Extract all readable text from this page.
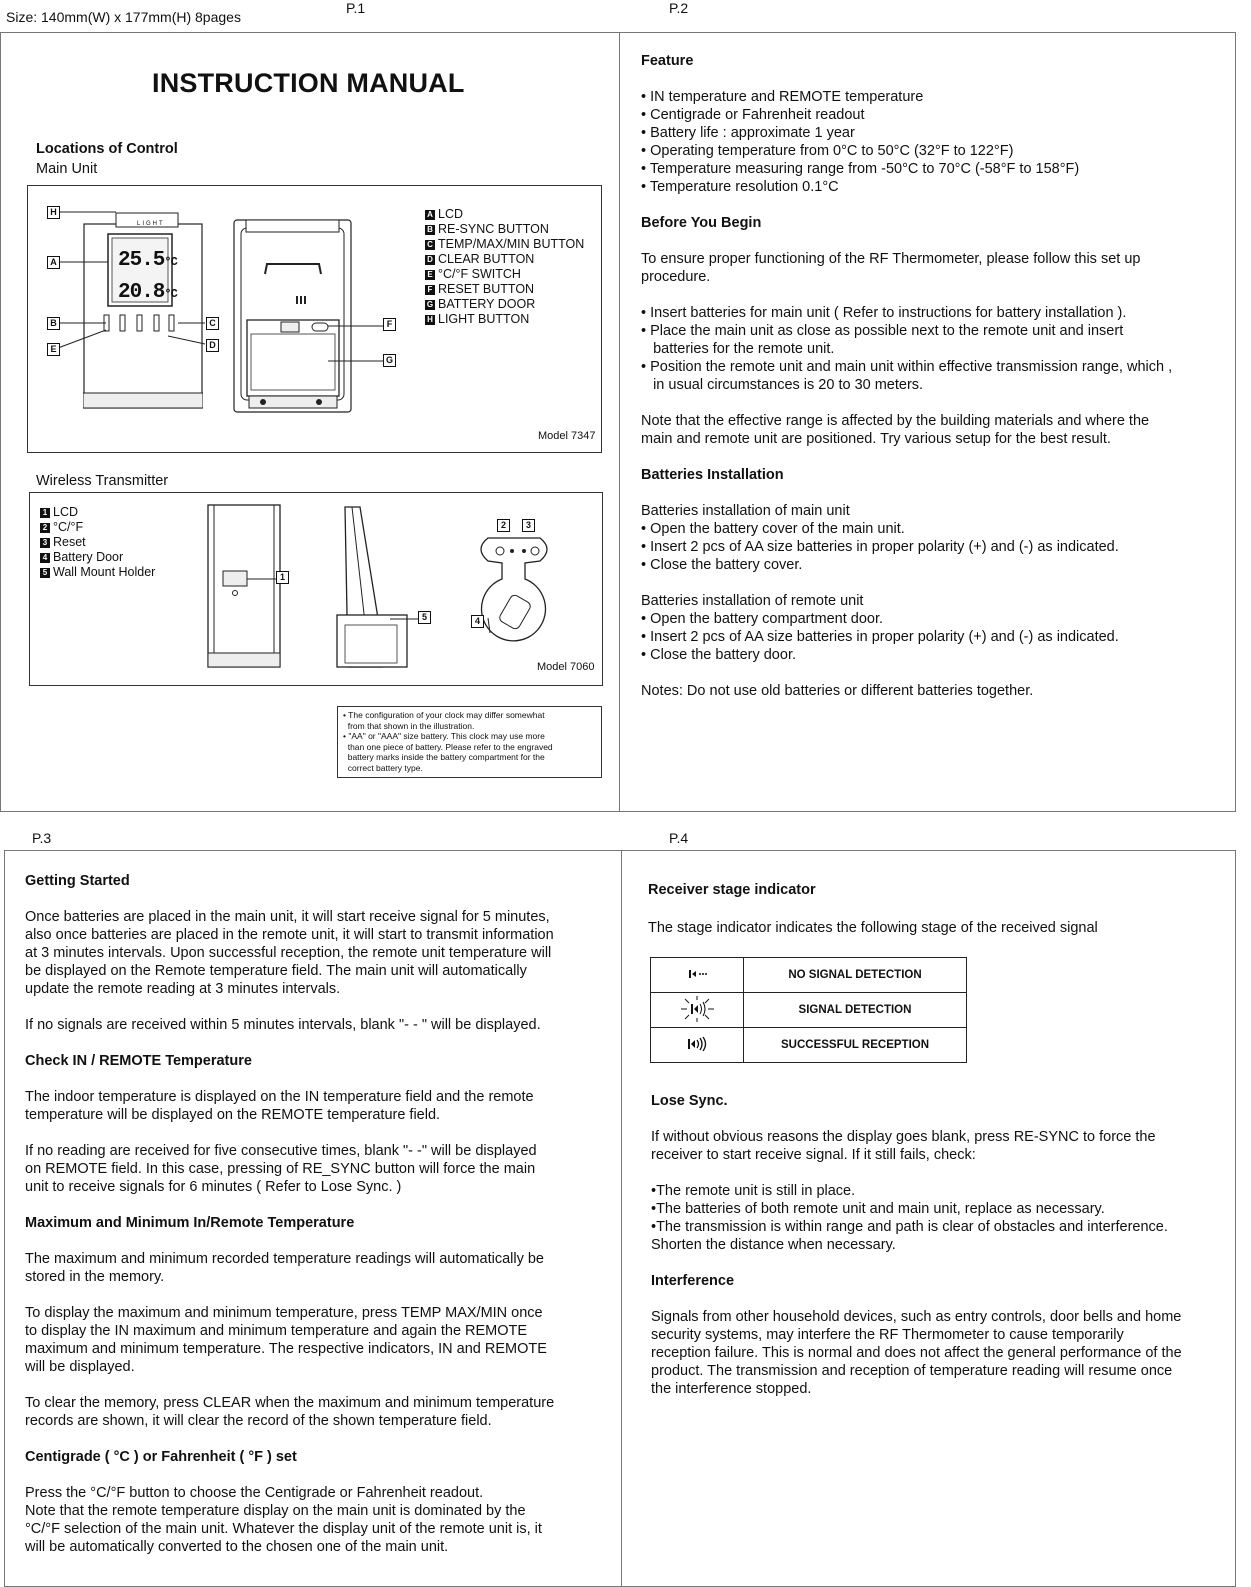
Size: 140mm(W) x 177mm(H) 8pages
P.1	P.2
P.3	P.4
INSTRUCTION MANUAL
Locations of Control
Main Unit
LIGHT
25.5°C
20.8°C
H
A
B
E
C
D
F
G
A LCD
B RE-SYNC BUTTON
C TEMP/MAX/MIN BUTTON
D CLEAR BUTTON
E °C/°F SWITCH
F RESET BUTTON
G BATTERY DOOR
H LIGHT BUTTON
Model 7347
Wireless Transmitter
1 LCD
2 °C/°F
3 Reset
4 Battery Door
5 Wall Mount Holder	1
5
2	3
4
Model 7060
• The configuration of your clock may differ somewhat
from that shown in the illustration.
• "AA" or "AAA" size battery. This clock may use more
than one piece of battery. Please refer to the engraved
battery marks inside the battery compartment for the
correct battery type.
Feature
• IN temperature and REMOTE temperature
• Centigrade or Fahrenheit readout
• Battery life : approximate 1 year
• Operating temperature from 0°C to 50°C (32°F to 122°F)
• Temperature measuring range from -50°C to 70°C (-58°F to 158°F)
• Temperature resolution 0.1°C
Before You Begin
To ensure proper functioning of the RF Thermometer, please follow this set up
procedure.
• Insert batteries for main unit ( Refer to instructions for battery installation ).
• Place the main unit as close as possible next to the remote unit and insert
batteries for the remote unit.
• Position the remote unit and main unit within effective transmission range, which ,
in usual circumstances is 20 to 30 meters.
Note that the effective range is affected by the building materials and where the
main and remote unit are positioned. Try various setup for the best result.
Batteries Installation
Batteries installation of main unit
• Open the battery cover of the main unit.
• Insert 2 pcs of AA size batteries in proper polarity (+) and (-) as indicated.
• Close the battery cover.
Batteries installation of remote unit
• Open the battery compartment door.
• Insert 2 pcs of AA size batteries in proper polarity (+) and (-) as indicated.
• Close the battery door.
Notes: Do not use old batteries or different batteries together.
Getting Started
Once batteries are placed in the main unit, it will start receive signal for 5 minutes,
also once batteries are placed in the remote unit, it will start to transmit information
at 3 minutes intervals. Upon successful reception, the remote unit temperature will
be displayed on the Remote temperature field. The main unit will automatically
update the remote reading at 3 minutes intervals.
If no signals are received within 5 minutes intervals, blank "- - " will be displayed.
Check IN / REMOTE Temperature
The indoor temperature is displayed on the IN temperature field and the remote
temperature will be displayed on the REMOTE temperature field.
If no reading are received for five consecutive times, blank "- -" will be displayed
on REMOTE field. In this case, pressing of RE_SYNC button will force the main
unit to receive signals for 6 minutes ( Refer to Lose Sync. )
Maximum and Minimum In/Remote Temperature
The maximum and minimum recorded temperature readings will automatically be
stored in the memory.
To display the maximum and minimum temperature, press TEMP MAX/MIN once
to display the IN maximum and minimum temperature and again the REMOTE
maximum and minimum temperature. The respective indicators, IN and REMOTE
will be displayed.
To clear the memory, press CLEAR when the maximum and minimum temperature
records are shown, it will clear the record of the shown temperature field.
Centigrade ( °C ) or Fahrenheit ( °F ) set
Press the °C/°F button to choose the Centigrade or Fahrenheit readout.
Note that the remote temperature display on the main unit is dominated by the
°C/°F selection of the main unit. Whatever the display unit of the remote unit is, it
will be automatically converted to the chosen one of the main unit.
Receiver stage indicator
The stage indicator indicates the following stage of the received signal
	NO SIGNAL DETECTION
	SIGNAL DETECTION
	SUCCESSFUL RECEPTION
Lose Sync.
If without obvious reasons the display goes blank, press RE-SYNC to force the
receiver to start receive signal. If it still fails, check:
•The remote unit is still in place.
•The batteries of both remote unit and main unit, replace as necessary.
•The transmission is within range and path is clear of obstacles and interference.
Shorten the distance when necessary.
Interference
Signals from other household devices, such as entry controls, door bells and home
security systems, may interfere the RF Thermometer to cause temporarily
reception failure. This is normal and does not affect the general performance of the
product. The transmission and reception of temperature reading will resume once
the interference stopped.
